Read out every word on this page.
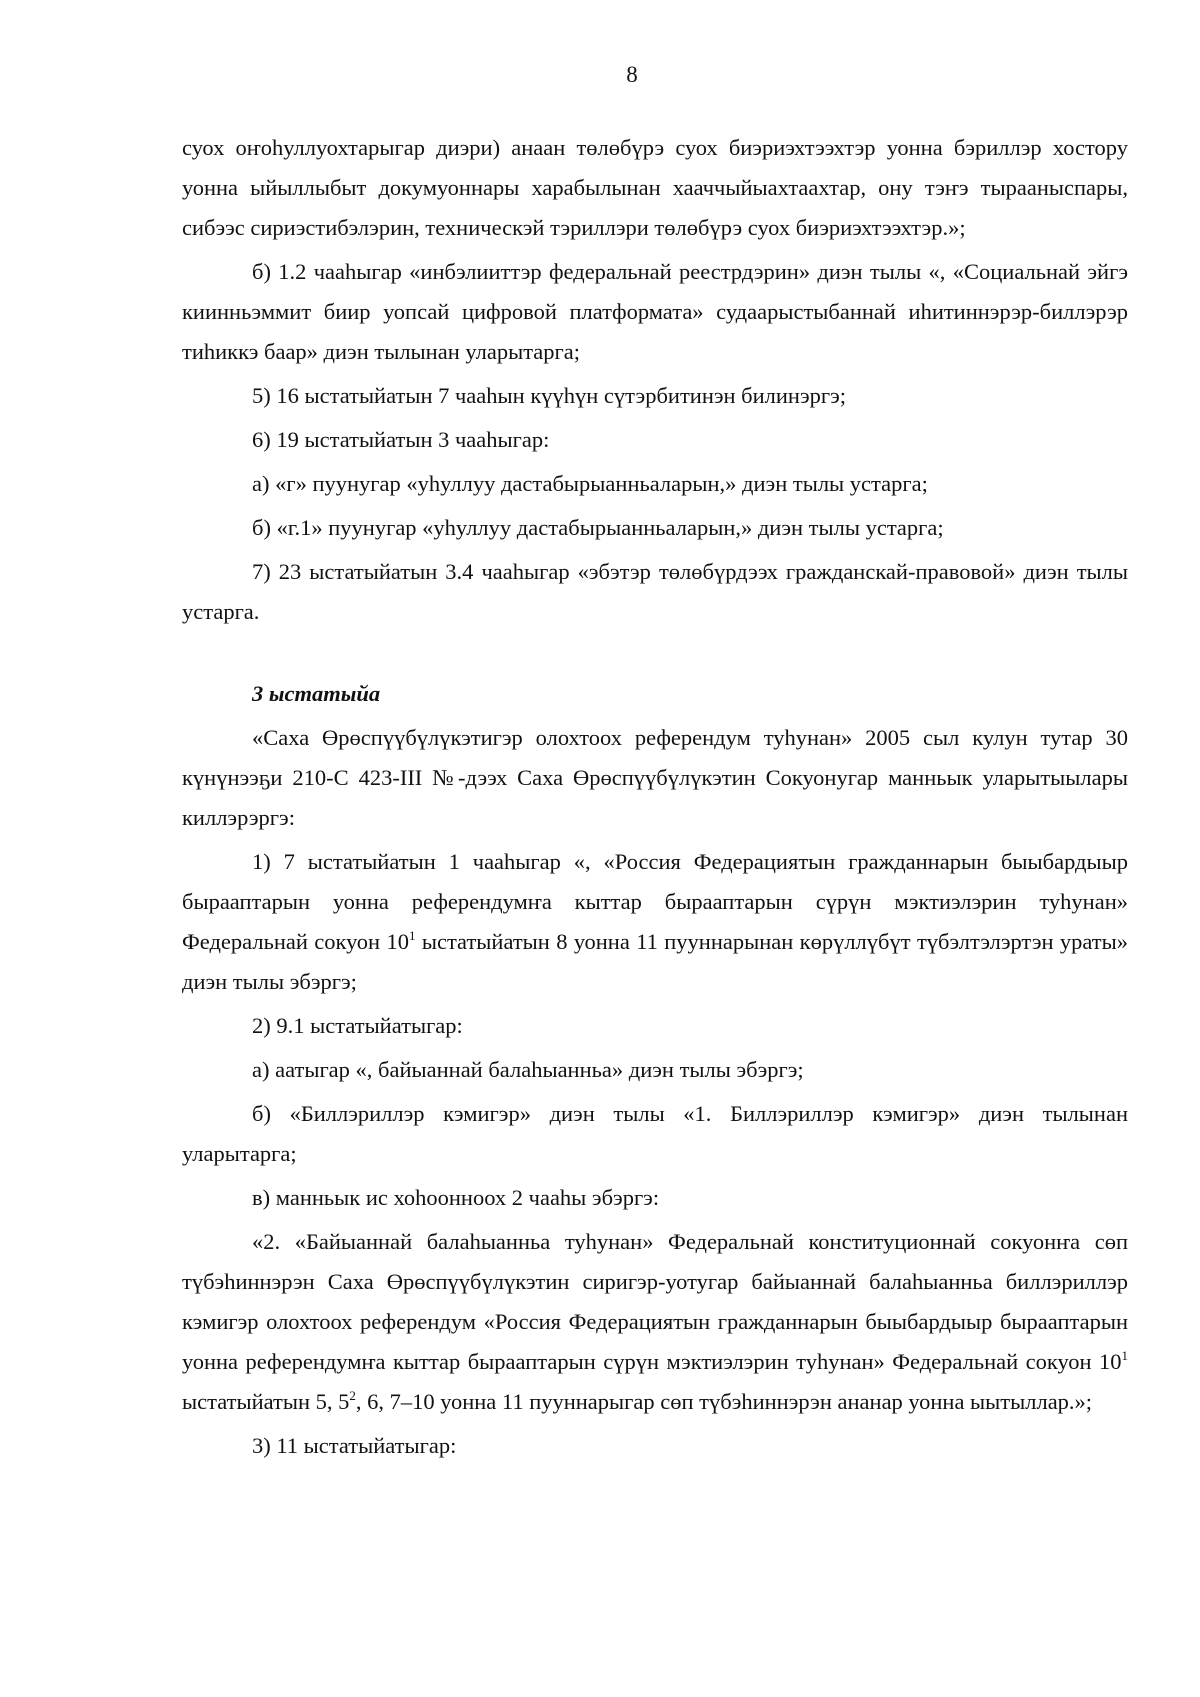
8

суох оҥоһуллуохтарыгар диэри) анаан төлөбүрэ суох биэриэхтээхтэр уонна бэриллэр хостору уонна ыйыллыбыт докумуоннары харабылынан хааччыйыахтаахтар, ону тэҥэ тырааныспары, сибээс сириэстибэлэрин, техническэй тэриллэри төлөбүрэ суох биэриэхтээхтэр.»;

б) 1.2 чааһыгар «инбэлииттэр федеральнай реестрдэрин» диэн тылы «, «Социальнай эйгэ киинньэммит биир уопсай цифровой платформата» судаарыстыбаннай иһитиннэрэр-биллэрэр тиһиккэ баар» диэн тылынан уларытарга;

5) 16 ыстатыйатын 7 чааһын күүһүн сүтэрбитинэн билинэргэ;

6) 19 ыстатыйатын 3 чааһыгар:

а) «г» пуунугар «уһуллуу дастабырыанньаларын,» диэн тылы устарга;

б) «г.1» пуунугар «уһуллуу дастабырыанньаларын,» диэн тылы устарга;

7) 23 ыстатыйатын 3.4 чааһыгар «эбэтэр төлөбүрдээх гражданскай-правовой» диэн тылы устарга.

3 ыстатыйа

«Саха Өрөспүүбүлүкэтигэр олохтоох референдум туһунан» 2005 сыл кулун тутар 30 күнүнээҕи 210-С 423-III №-дээх Саха Өрөспүүбүлүкэтин Сокуонугар манньык уларытыылары киллэрэргэ:

1) 7 ыстатыйатын 1 чааһыгар «, «Россия Федерациятын гражданнарын быыбардыыр бырааптарын уонна референдумҥа кыттар бырааптарын сүрүн мэктиэлэрин туһунан» Федеральнай сокуон $10^1$ ыстатыйатын 8 уонна 11 пууннарынан көрүллүбүт түбэлтэлэртэн ураты» диэн тылы эбэргэ;

2) 9.1 ыстатыйатыгар:

а) аатыгар «, байыаннай балаһыанньа» диэн тылы эбэргэ;

б) «Биллэриллэр кэмигэр» диэн тылы «1. Биллэриллэр кэмигэр» диэн тылынан уларытарга;

в) манньык ис хоһоонноох 2 чааһы эбэргэ:

«2. «Байыаннай балаһыанньа туһунан» Федеральнай конституционнай сокуонҥа сөп түбэһиннэрэн Саха Өрөспүүбүлүкэтин сиригэр-уотугар байыаннай балаһыанньа биллэриллэр кэмигэр олохтоох референдум «Россия Федерациятын гражданнарын быыбардыыр бырааптарын уонна референдумҥа кыттар бырааптарын сүрүн мэктиэлэрин туһунан» Федеральнай сокуон $10^1$ ыстатыйатын 5, $5^2$, 6, 7–10 уонна 11 пууннарыгар сөп түбэһиннэрэн ананар уонна ыытыллар.»;

3) 11 ыстатыйатыгар:
